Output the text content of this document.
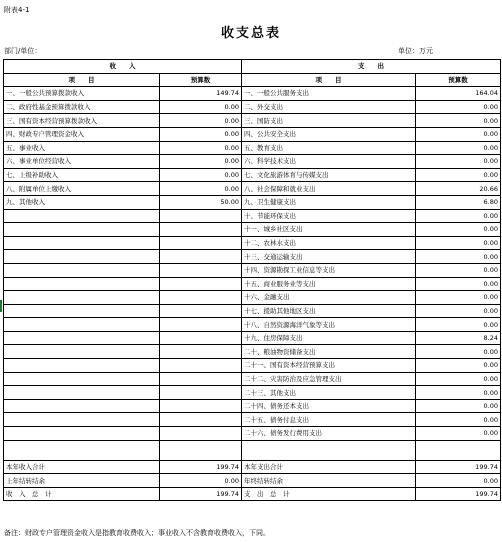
附表4-1
收支总表
部门/单位：	单位：万元
收　　入		支　　出	
项　　目	预算数	项　　目	预算数
一、一般公共预算拨款收入	149.74	一、一般公共服务支出	164.04
二、政府性基金预算拨款收入	0.00	二、外交支出	0.00
三、国有资本经营预算拨款收入	0.00	三、国防支出	0.00
四、财政专户管理资金收入	0.00	四、公共安全支出	0.00
五、事业收入	0.00	五、教育支出	0.00
六、事业单位经营收入	0.00	六、科学技术支出	0.00
七、上级补助收入	0.00	七、文化旅游体育与传媒支出	0.00
八、附属单位上缴收入	0.00	八、社会保障和就业支出	20.66
九、其他收入	50.00	九、卫生健康支出	6.80
		十、节能环保支出	0.00
		十一、城乡社区支出	0.00
		十二、农林水支出	0.00
		十三、交通运输支出	0.00
		十四、资源勘探工业信息等支出	0.00
		十五、商业服务业等支出	0.00
		十六、金融支出	0.00
		十七、援助其他地区支出	0.00
		十八、自然资源海洋气象等支出	0.00
		十九、住房保障支出	8.24
		二十、粮油物资储备支出	0.00
		二十一、国有资本经营预算支出	0.00
		二十二、灾害防治及应急管理支出	0.00
		二十三、其他支出	0.00
		二十四、债务还本支出	0.00
		二十五、债务付息支出	0.00
		二十六、债务发行费用支出	0.00

本年收入合计	199.74	本年支出合计	199.74
上年结转结余	0.00	年终结转结余	0.00
收　入　总　计	199.74	支　出　总　计	199.74
备注：财政专户管理资金收入是指教育收费收入；事业收入不含教育收费收入，下同。
